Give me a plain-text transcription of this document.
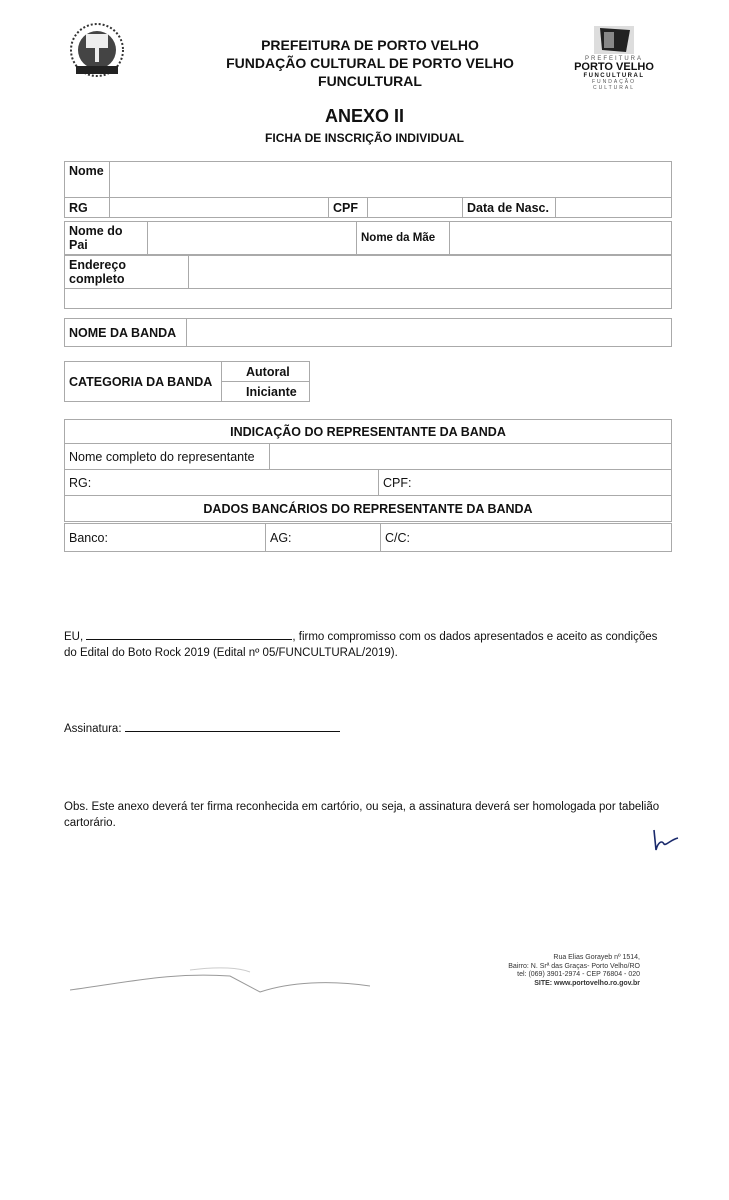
PREFEITURA DE PORTO VELHO
FUNDAÇÃO CULTURAL DE PORTO VELHO
FUNCULTURAL
PREFEITURA
PORTO VELHO
FUNCULTURAL
FUNDAÇÃO
CULTURAL
ANEXO II
FICHA DE INSCRIÇÃO INDIVIDUAL
Nome					
RG		CPF		Data de Nasc.	
Nome do Pai		Nome da Mãe	
Endereço completo	

NOME DA BANDA	
CATEGORIA DA BANDA	Autoral
Iniciante
INDICAÇÃO DO REPRESENTANTE DA BANDA		
Nome completo do representante		
RG:		CPF:
DADOS BANCÁRIOS DO REPRESENTANTE DA BANDA		
Banco:	AG:	C/C:
EU,	, firmo compromisso com os dados apresentados e aceito as condições
do Edital do Boto Rock 2019 (Edital nº 05/FUNCULTURAL/2019).
Assinatura:
Obs. Este anexo deverá ter firma reconhecida em cartório, ou seja, a assinatura deverá ser homologada por tabelião
cartorário.
Rua Elias Gorayeb nº 1514,
Bairro: N. Srª das Graças- Porto Velho/RO
tel: (069) 3901-2974 - CEP 76804 - 020
SITE: www.portovelho.ro.gov.br
